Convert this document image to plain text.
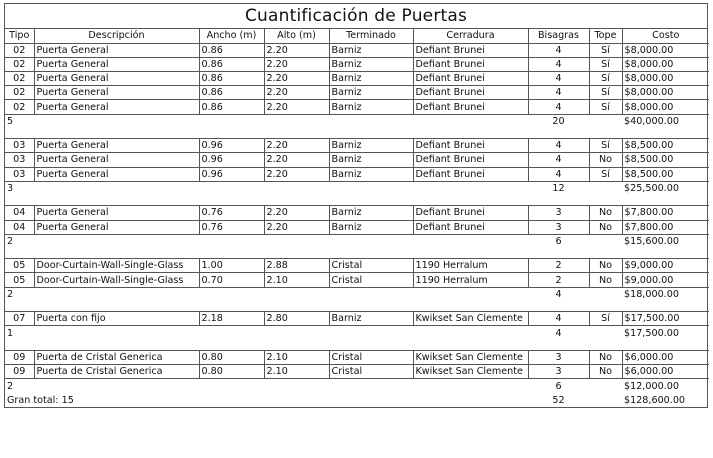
Cuantificación de Puertas
Tipo	Descripción	Ancho (m)	Alto (m)	Terminado	Cerradura	Bisagras	Tope	Costo
02	Puerta General	0.86	2.20	Barniz	Defiant Brunei	4	Sí	$8,000.00
02	Puerta General	0.86	2.20	Barniz	Defiant Brunei	4	Sí	$8,000.00
02	Puerta General	0.86	2.20	Barniz	Defiant Brunei	4	Sí	$8,000.00
02	Puerta General	0.86	2.20	Barniz	Defiant Brunei	4	Sí	$8,000.00
02	Puerta General	0.86	2.20	Barniz	Defiant Brunei	4	Sí	$8,000.00
5						20		$40,000.00

03	Puerta General	0.96	2.20	Barniz	Defiant Brunei	4	Sí	$8,500.00
03	Puerta General	0.96	2.20	Barniz	Defiant Brunei	4	No	$8,500.00
03	Puerta General	0.96	2.20	Barniz	Defiant Brunei	4	Sí	$8,500.00
3						12		$25,500.00

04	Puerta General	0.76	2.20	Barniz	Defiant Brunei	3	No	$7,800.00
04	Puerta General	0.76	2.20	Barniz	Defiant Brunei	3	No	$7,800.00
2						6		$15,600.00

05	Door-Curtain-Wall-Single-Glass	1.00	2.88	Cristal	1190 Herralum	2	No	$9,000.00
05	Door-Curtain-Wall-Single-Glass	0.70	2.10	Cristal	1190 Herralum	2	No	$9,000.00
2						4		$18,000.00

07	Puerta con fijo	2.18	2.80	Barniz	Kwikset San Clemente	4	Sí	$17,500.00
1						4		$17,500.00

09	Puerta de Cristal Generica	0.80	2.10	Cristal	Kwikset San Clemente	3	No	$6,000.00
09	Puerta de Cristal Generica	0.80	2.10	Cristal	Kwikset San Clemente	3	No	$6,000.00
2						6		$12,000.00
Gran total: 15						52		$128,600.00
